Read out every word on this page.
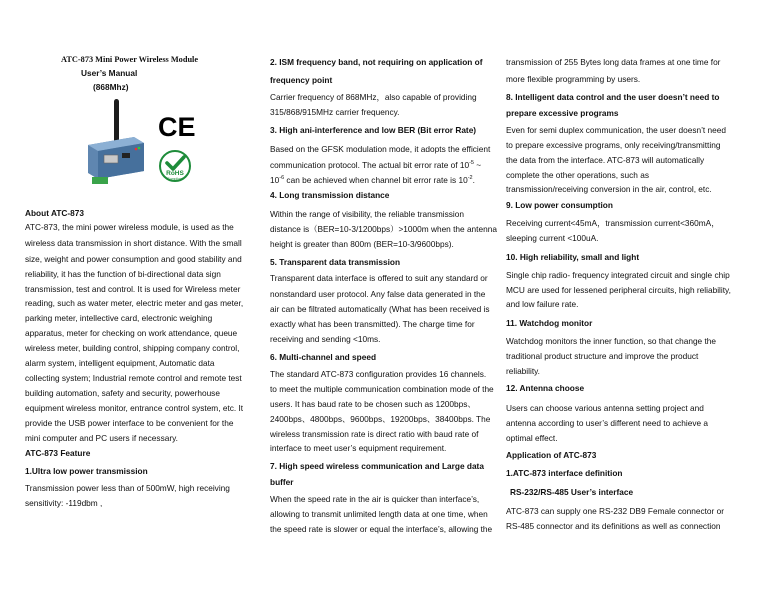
ATC-873 Mini Power Wireless Module
User’s Manual
(868Mhz)
CE
RoHS
Compliant
About ATC-873
ATC-873, the mini power wireless module, is used as the
wireless data transmission in short distance. With the small
size, weight and power consumption and good stability and
reliability, it has the function of bi-directional data sign
transmission, test and control. It is used for Wireless meter
reading, such as water meter, electric meter and gas meter,
parking meter, intellective card, electronic weighing
apparatus, meter for checking on work attendance, queue
wireless meter, building control, shipping company control,
alarm system, intelligent equipment, Automatic data
collecting system; Industrial remote control and remote test
building automation, safety and security, powerhouse
equipment wireless monitor, entrance control system, etc. It
provide the USB power interface to be convenient for the
mini computer and PC users if necessary.
ATC-873 Feature
1.Ultra low power transmission
Transmission power less than of 500mW, high receiving
sensitivity: -119dbm ,
2. ISM frequency band, not requiring on application of
frequency point
Carrier frequency of 868MHz，also capable of providing
315/868/915MHz carrier frequency.
3. High ani-interference and low BER (Bit error Rate)
Based on the GFSK modulation mode, it adopts the efficient
communication protocol. The actual bit error rate of $10^{-5}$ ~
$10^{-6}$ can be achieved when channel bit error rate is $10^{-2}$.
4. Long transmission distance
Within the range of visibility, the reliable transmission
distance is（BER=10-3/1200bps）>1000m when the antenna
height is greater than 800m (BER=10-3/9600bps).
5. Transparent data transmission
Transparent data interface is offered to suit any standard or
nonstandard user protocol. Any false data generated in the
air can be filtrated automatically (What has been received is
exactly what has been transmitted). The charge time for
receiving and sending <10ms.
6. Multi-channel and speed
The standard ATC-873 configuration provides 16 channels.
to meet the multiple communication combination mode of the
users. It has baud rate to be chosen such as 1200bps、
2400bps、4800bps、9600bps、19200bps、38400bps. The
wireless transmission rate is direct ratio with baud rate of
interface to meet user’s equipment requirement.
7. High speed wireless communication and Large data
buffer
When the speed rate in the air is quicker than interface’s,
allowing to transmit unlimited length data at one time, when
the speed rate is slower or equal the interface’s, allowing the
transmission of 255 Bytes long data frames at one time for
more flexible programming by users.
8. Intelligent data control and the user doesn’t need to
prepare excessive programs
Even for semi duplex communication, the user doesn’t need
to prepare excessive programs, only receiving/transmitting
the data from the interface. ATC-873 will automatically
complete the other operations, such as
transmission/receiving conversion in the air, control, etc.
9. Low power consumption
Receiving current<45mA，transmission current<360mA，
sleeping current <100uA.
10. High reliability, small and light
Single chip radio- frequency integrated circuit and single chip
MCU are used for lessened peripheral circuits, high reliability,
and low failure rate.
11. Watchdog monitor
Watchdog monitors the inner function, so that change the
traditional product structure and improve the product
reliability.
12. Antenna choose
Users can choose various antenna setting project and
antenna according to user’s different need to achieve a
optimal effect.
Application of ATC-873
1.ATC-873 interface definition
RS-232/RS-485 User’s interface
ATC-873 can supply one RS-232 DB9 Female connector or
RS-485 connector and its definitions as well as connection
